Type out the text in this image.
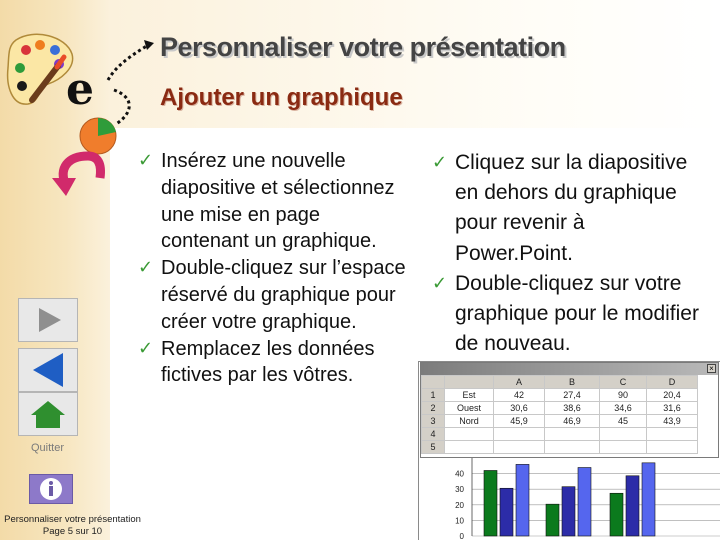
e
Personnaliser votre présentation
Ajouter un graphique

✓ Insérez une nouvelle diapositive et sélectionnez une mise en page contenant un graphique.

✓ Double-cliquez sur l’espace réservé du graphique pour créer votre graphique.

✓ Remplacez les données fictives par les vôtres.

✓ Cliquez sur la diapositive en dehors du graphique pour revenir à Power.Point.

✓ Double-cliquez sur votre graphique pour le modifier de nouveau.

Quitter
Personnaliser votre présentation
Page 5 sur 10
×
		A	B	C	D
1	Est	42	27,4	90	20,4
2	Ouest	30,6	38,6	34,6	31,6
3	Nord	45,9	46,9	45	43,9
4					
5					
40
30
20
10
0
